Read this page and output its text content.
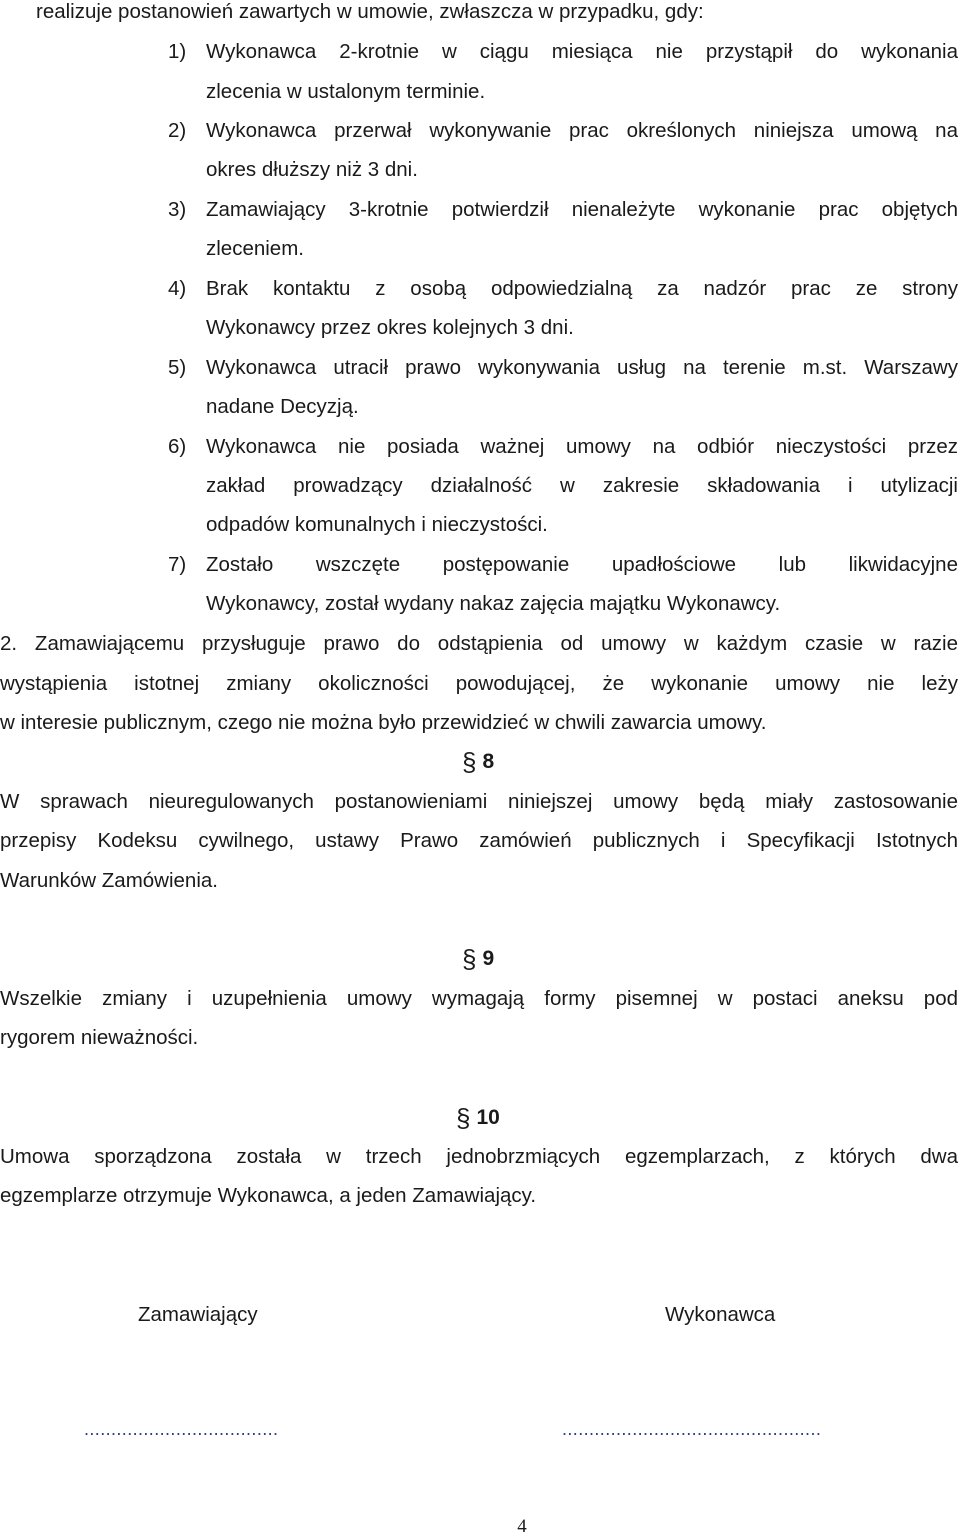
realizuje postanowień zawartych w umowie, zwłaszcza w przypadku, gdy:
1) Wykonawca 2-krotnie w ciągu miesiąca nie przystąpił do wykonania
zlecenia w ustalonym terminie.
2) Wykonawca przerwał wykonywanie prac określonych niniejsza umową na
okres dłuższy niż 3 dni.
3) Zamawiający 3-krotnie potwierdził nienależyte wykonanie prac objętych
zleceniem.
4) Brak kontaktu z osobą odpowiedzialną za nadzór prac ze strony
Wykonawcy przez okres kolejnych 3 dni.
5) Wykonawca utracił prawo wykonywania usług na terenie m.st. Warszawy
nadane Decyzją.
6) Wykonawca nie posiada ważnej umowy na odbiór nieczystości przez
zakład prowadzący działalność w zakresie składowania i utylizacji
odpadów komunalnych i nieczystości.
7) Zostało wszczęte postępowanie upadłościowe lub likwidacyjne
Wykonawcy, został wydany nakaz zajęcia majątku Wykonawcy.
2. Zamawiającemu przysługuje prawo do odstąpienia od umowy w każdym czasie w razie
wystąpienia istotnej zmiany okoliczności powodującej, że wykonanie umowy nie leży
w interesie publicznym, czego nie można było przewidzieć w chwili zawarcia umowy.
§ 8
W sprawach nieuregulowanych postanowieniami niniejszej umowy będą miały zastosowanie
przepisy Kodeksu cywilnego, ustawy Prawo zamówień publicznych i Specyfikacji Istotnych
Warunków Zamówienia.
§ 9
Wszelkie zmiany i uzupełnienia umowy wymagają formy pisemnej w postaci aneksu pod
rygorem nieważności.
§ 10
Umowa sporządzona została w trzech jednobrzmiących egzemplarzach, z których dwa
egzemplarze otrzymuje Wykonawca, a jeden Zamawiający.
Zamawiający	Wykonawca
....................................	................................................
4
